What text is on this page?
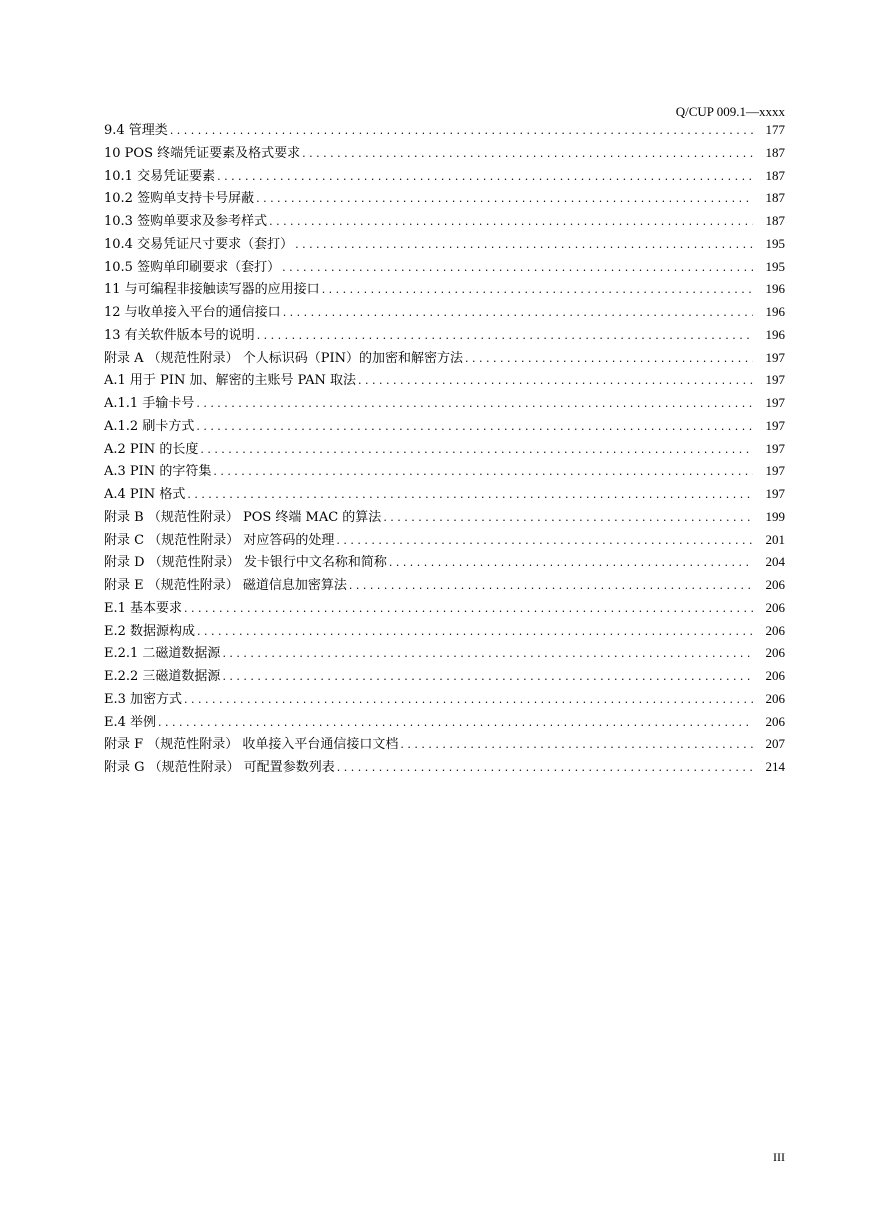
Q/CUP 009.1—xxxx
9.4 管理类 . . .	177
10 POS 终端凭证要素及格式要求 . . .	187
10.1 交易凭证要素 . . .	187
10.2 签购单支持卡号屏蔽 . . .	187
10.3 签购单要求及参考样式 . . .	187
10.4 交易凭证尺寸要求（套打） . . .	195
10.5 签购单印刷要求（套打） . . .	195
11 与可编程非接触读写器的应用接口 . . .	196
12 与收单接入平台的通信接口 . . .	196
13 有关软件版本号的说明 . . .	196
附录 A （规范性附录） 个人标识码（PIN）的加密和解密方法 . . .	197
A.1 用于 PIN 加、解密的主账号 PAN 取法 . . .	197
A.1.1 手输卡号 . . .	197
A.1.2 刷卡方式 . . .	197
A.2 PIN 的长度 . . .	197
A.3 PIN 的字符集 . . .	197
A.4 PIN 格式 . . .	197
附录 B （规范性附录） POS 终端 MAC 的算法 . . .	199
附录 C （规范性附录） 对应答码的处理 . . .	201
附录 D （规范性附录） 发卡银行中文名称和简称 . . .	204
附录 E （规范性附录） 磁道信息加密算法 . . .	206
E.1 基本要求 . . .	206
E.2 数据源构成 . . .	206
E.2.1 二磁道数据源 . . .	206
E.2.2 三磁道数据源 . . .	206
E.3 加密方式 . . .	206
E.4 举例 . . .	206
附录 F （规范性附录） 收单接入平台通信接口文档 . . .	207
附录 G （规范性附录） 可配置参数列表 . . .	214
III
